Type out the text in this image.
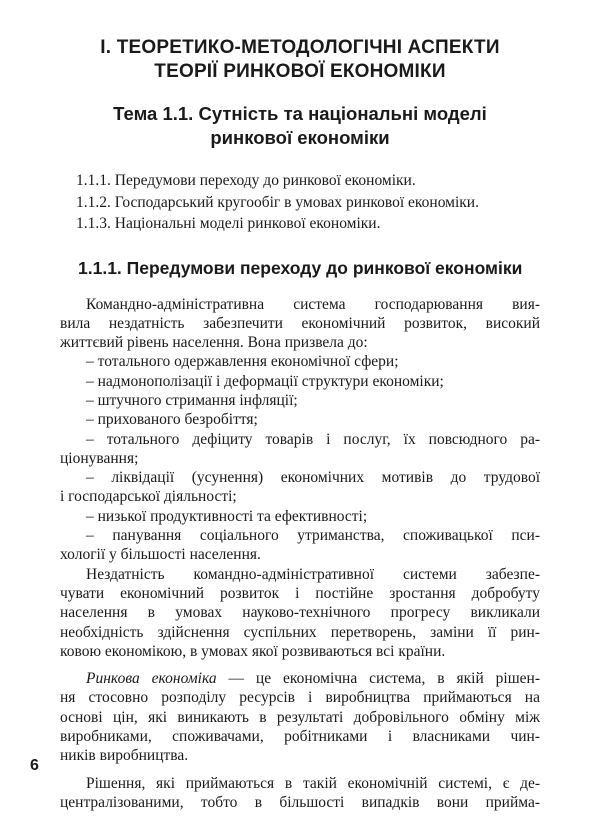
I. ТЕОРЕТИКО-МЕТОДОЛОГІЧНІ АСПЕКТИ
ТЕОРІЇ РИНКОВОЇ ЕКОНОМІКИ
Тема 1.1. Сутність та національні моделі
ринкової економіки
1.1.1. Передумови переходу до ринкової економіки.
1.1.2. Господарський кругообіг в умовах ринкової економіки.
1.1.3. Національні моделі ринкової економіки.
1.1.1. Передумови переходу до ринкової економіки
Командно-адміністративна система господарювання вия-
вила нездатність забезпечити економічний розвиток, високий
життєвий рівень населення. Вона призвела до:
– тотального одержавлення економічної сфери;
– надмонополізації і деформації структури економіки;
– штучного стримання інфляції;
– прихованого безробіття;
– тотального дефіциту товарів і послуг, їх повсюдного ра-
ціонування;
– ліквідації (усунення) економічних мотивів до трудової
і господарської діяльності;
– низької продуктивності та ефективності;
– панування соціального утриманства, споживацької пси-
хології у більшості населення.
Нездатність командно-адміністративної системи забезпе-
чувати економічний розвиток і постійне зростання добробуту
населення в умовах науково-технічного прогресу викликали
необхідність здійснення суспільних перетворень, заміни її рин-
ковою економікою, в умовах якої розвиваються всі країни.
Ринкова економіка — це економічна система, в якій рішен-
ня стосовно розподілу ресурсів і виробництва приймаються на
основі цін, які виникають в результаті добровільного обміну між
виробниками, споживачами, робітниками і власниками чин-
ників виробництва.
Рішення, які приймаються в такій економічній системі, є де-
централізованими, тобто в більшості випадків вони прийма-
6
